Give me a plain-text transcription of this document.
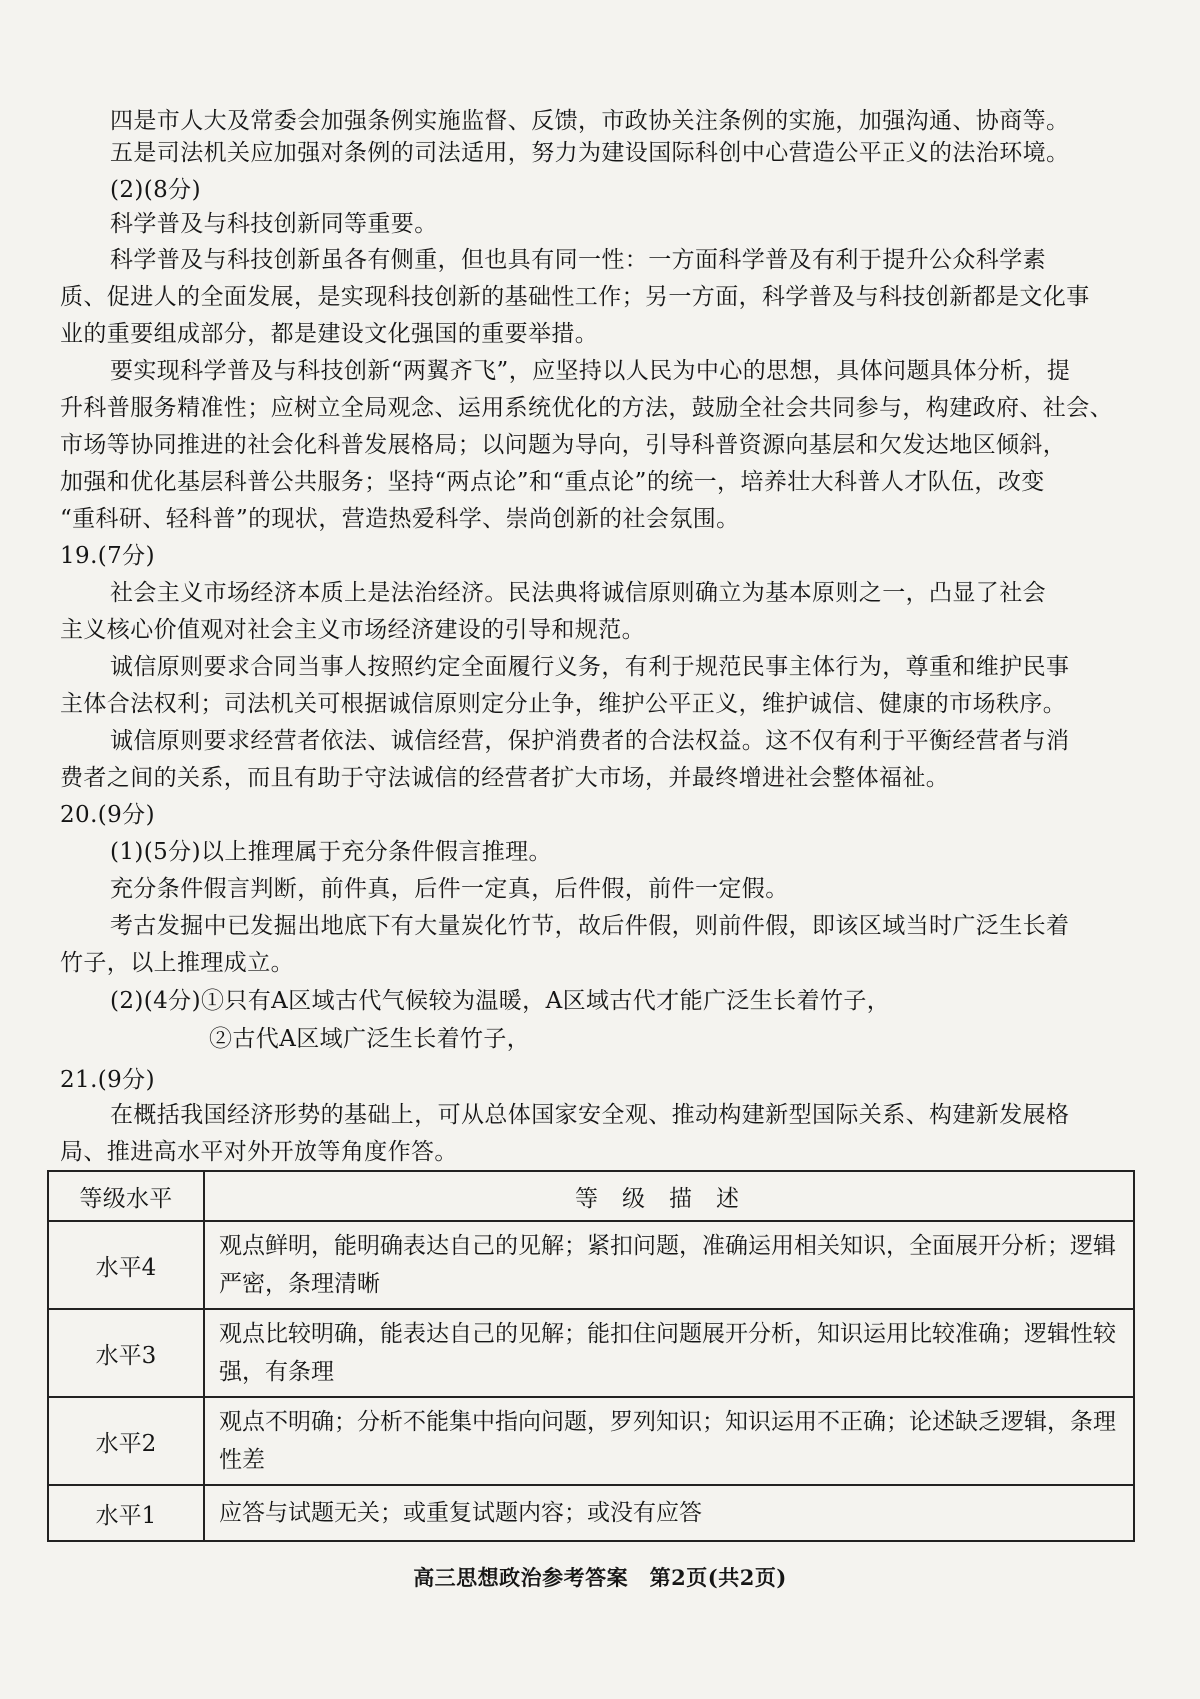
四是市人大及常委会加强条例实施监督、反馈，市政协关注条例的实施，加强沟通、协商等。
五是司法机关应加强对条例的司法适用，努力为建设国际科创中心营造公平正义的法治环境。
(2)(8分)
科学普及与科技创新同等重要。
科学普及与科技创新虽各有侧重，但也具有同一性：一方面科学普及有利于提升公众科学素
质、促进人的全面发展，是实现科技创新的基础性工作；另一方面，科学普及与科技创新都是文化事
业的重要组成部分，都是建设文化强国的重要举措。
要实现科学普及与科技创新“两翼齐飞”，应坚持以人民为中心的思想，具体问题具体分析，提
升科普服务精准性；应树立全局观念、运用系统优化的方法，鼓励全社会共同参与，构建政府、社会、
市场等协同推进的社会化科普发展格局；以问题为导向，引导科普资源向基层和欠发达地区倾斜，
加强和优化基层科普公共服务；坚持“两点论”和“重点论”的统一，培养壮大科普人才队伍，改变
“重科研、轻科普”的现状，营造热爱科学、崇尚创新的社会氛围。
19.(7分)
社会主义市场经济本质上是法治经济。民法典将诚信原则确立为基本原则之一，凸显了社会
主义核心价值观对社会主义市场经济建设的引导和规范。
诚信原则要求合同当事人按照约定全面履行义务，有利于规范民事主体行为，尊重和维护民事
主体合法权利；司法机关可根据诚信原则定分止争，维护公平正义，维护诚信、健康的市场秩序。
诚信原则要求经营者依法、诚信经营，保护消费者的合法权益。这不仅有利于平衡经营者与消
费者之间的关系，而且有助于守法诚信的经营者扩大市场，并最终增进社会整体福祉。
20.(9分)
(1)(5分)以上推理属于充分条件假言推理。
充分条件假言判断，前件真，后件一定真，后件假，前件一定假。
考古发掘中已发掘出地底下有大量炭化竹节，故后件假，则前件假，即该区域当时广泛生长着
竹子，以上推理成立。
(2)(4分)①只有A区域古代气候较为温暖，A区域古代才能广泛生长着竹子，
②古代A区域广泛生长着竹子，
21.(9分)
在概括我国经济形势的基础上，可从总体国家安全观、推动构建新型国际关系、构建新发展格
局、推进高水平对外开放等角度作答。
等级水平	等级描述
水平4	观点鲜明，能明确表达自己的见解；紧扣问题，准确运用相关知识，全面展开分析；逻辑严密，条理清晰
水平3	观点比较明确，能表达自己的见解；能扣住问题展开分析，知识运用比较准确；逻辑性较强，有条理
水平2	观点不明确；分析不能集中指向问题，罗列知识；知识运用不正确；论述缺乏逻辑，条理性差
水平1	应答与试题无关；或重复试题内容；或没有应答
高三思想政治参考答案　第2页(共2页)
